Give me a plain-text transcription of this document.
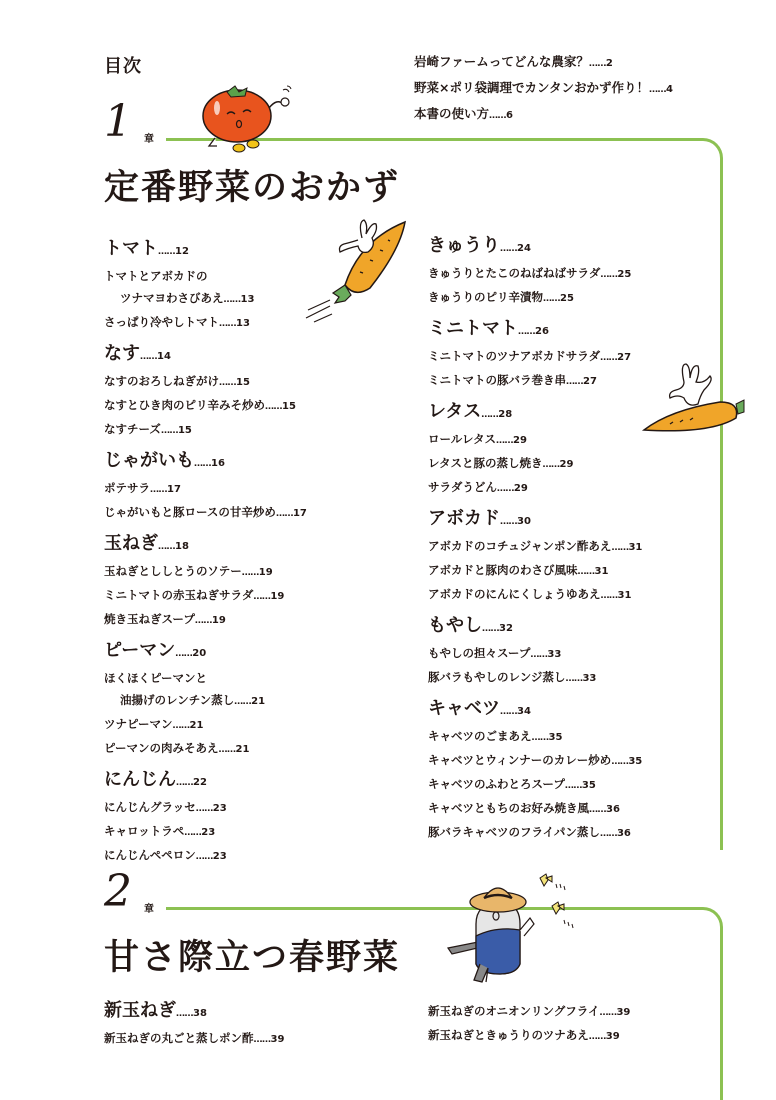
目次	岩崎ファームってどんな農家？……2
野菜×ポリ袋調理でカンタンおかず作り！……4
本書の使い方……6
1 章
定番野菜のおかず
トマト……12
トマトとアボカドの
ツナマヨわさびあえ……13
さっぱり冷やしトマト……13
なす……14
なすのおろしねぎがけ……15
なすとひき肉のピリ辛みそ炒め……15
なすチーズ……15
じゃがいも……16
ポテサラ……17
じゃがいもと豚ロースの甘辛炒め……17
玉ねぎ……18
玉ねぎとししとうのソテー……19
ミニトマトの赤玉ねぎサラダ……19
焼き玉ねぎスープ……19
ピーマン……20
ほくほくピーマンと
油揚げのレンチン蒸し……21
ツナピーマン……21
ピーマンの肉みそあえ……21
にんじん……22
にんじんグラッセ……23
キャロットラペ……23
にんじんペペロン……23
きゅうり……24
きゅうりとたこのねばねばサラダ……25
きゅうりのピリ辛漬物……25
ミニトマト……26
ミニトマトのツナアボカドサラダ……27
ミニトマトの豚バラ巻き串……27
レタス……28
ロールレタス……29
レタスと豚の蒸し焼き……29
サラダうどん……29
アボカド……30
アボカドのコチュジャンポン酢あえ……31
アボカドと豚肉のわさび風味……31
アボカドのにんにくしょうゆあえ……31
もやし……32
もやしの担々スープ……33
豚バラもやしのレンジ蒸し……33
キャベツ……34
キャベツのごまあえ……35
キャベツとウィンナーのカレー炒め……35
キャベツのふわとろスープ……35
キャベツともちのお好み焼き風……36
豚バラキャベツのフライパン蒸し……36
2 章
甘さ際立つ春野菜
新玉ねぎ……38
新玉ねぎの丸ごと蒸しポン酢……39
新玉ねぎのオニオンリングフライ……39
新玉ねぎときゅうりのツナあえ……39
